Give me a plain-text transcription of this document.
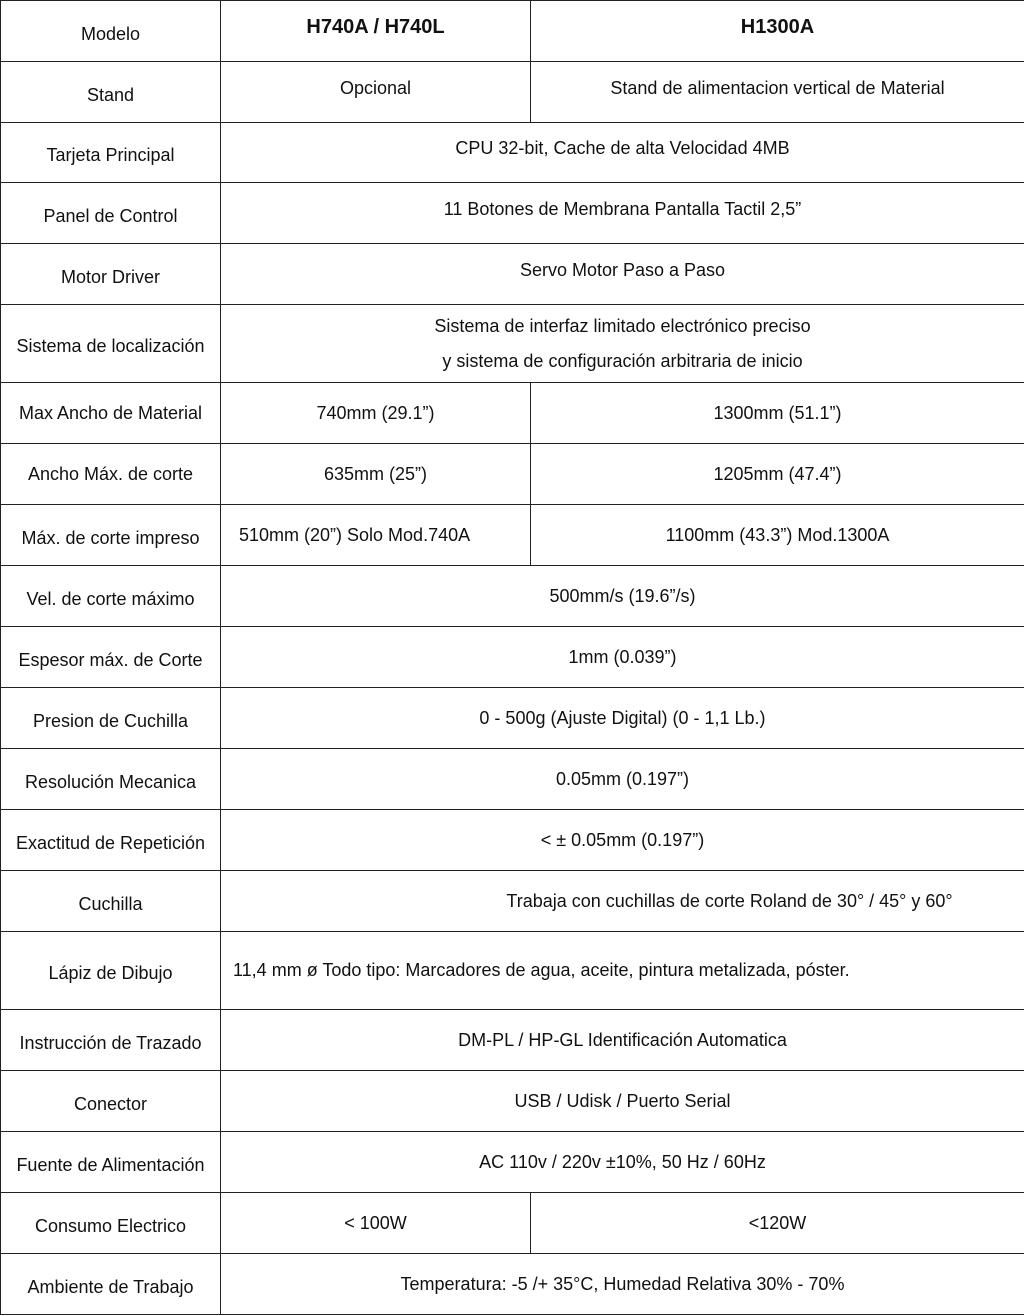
Modelo	H740A / H740L	H1300A
Stand	Opcional	Stand de alimentacion vertical de Material
Tarjeta Principal	CPU 32-bit, Cache de alta Velocidad 4MB	
Panel de Control	11 Botones de Membrana Pantalla Tactil 2,5”	
Motor Driver	Servo Motor Paso a Paso	
Sistema de localización	Sistema de interfaz limitado electrónico preciso
y sistema de configuración arbitraria de inicio	

Max Ancho de Material	740mm (29.1”)	1300mm (51.1”)
Ancho Máx. de corte	635mm (25”)	1205mm (47.4”)
Máx. de corte impreso	510mm (20”) Solo Mod.740A	1100mm (43.3”) Mod.1300A
Vel. de corte máximo	500mm/s (19.6”/s)	
Espesor máx. de Corte	1mm (0.039”)	
Presion de Cuchilla	0 - 500g (Ajuste Digital) (0 - 1,1 Lb.)	
Resolución Mecanica	0.05mm (0.197”)	
Exactitud de Repetición	< ± 0.05mm (0.197”)	
Cuchilla	Trabaja con cuchillas de corte Roland de 30° / 45° y 60°	
Lápiz de Dibujo	11,4 mm ø Todo tipo: Marcadores de agua, aceite, pintura metalizada, póster.	
Instrucción de Trazado	DM-PL / HP-GL Identificación Automatica	
Conector	USB / Udisk / Puerto Serial	
Fuente de Alimentación	AC 110v / 220v ±10%, 50 Hz / 60Hz	
Consumo Electrico	< 100W	<120W
Ambiente de Trabajo	Temperatura: -5 /+ 35°C, Humedad Relativa 30% - 70%	
